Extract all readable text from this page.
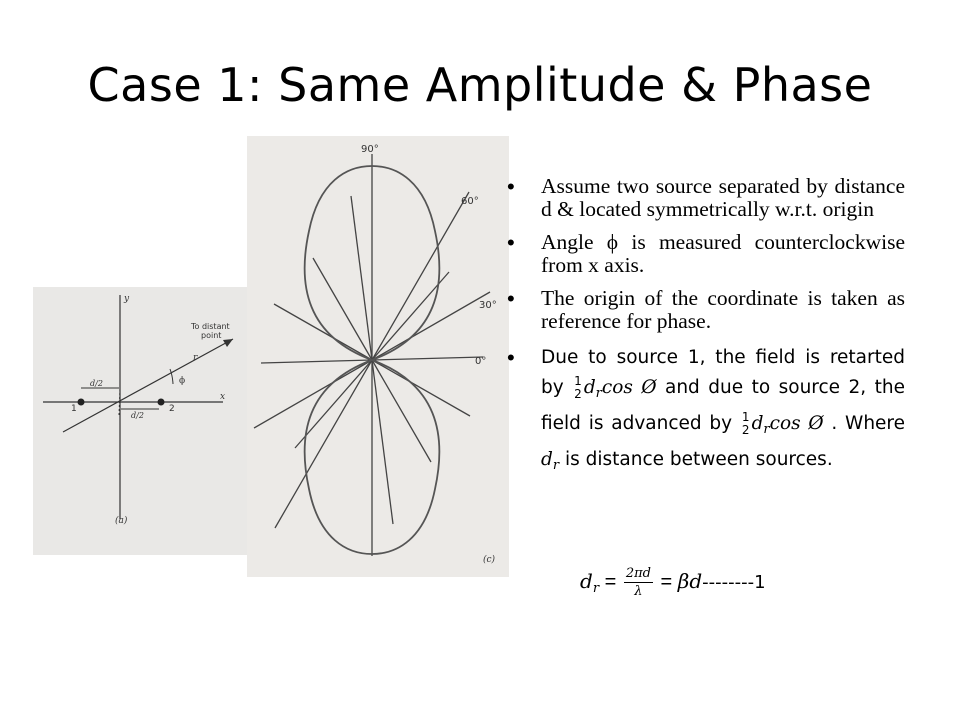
Case 1: Same Amplitude & Phase
y
x
To distant
point
r
ϕ
d/2
d/2
1	2
(a)
90°
60°
30°
0°
(c)
• Assume two source separated by distance d & located symmetrically w.r.t. origin
• Angle ϕ is measured counterclockwise from x axis.
• The origin of the coordinate is taken as reference for phase.
• Due to source 1, the field is retarted by 1
2 $d_r\cos$ Ø and due to source 2, the field is advanced by 1
2 $d_r\cos$ Ø . Where $d_r$ is distance between sources.
$d_r = \frac{2\pi d}{\lambda} = \beta d--------1$
